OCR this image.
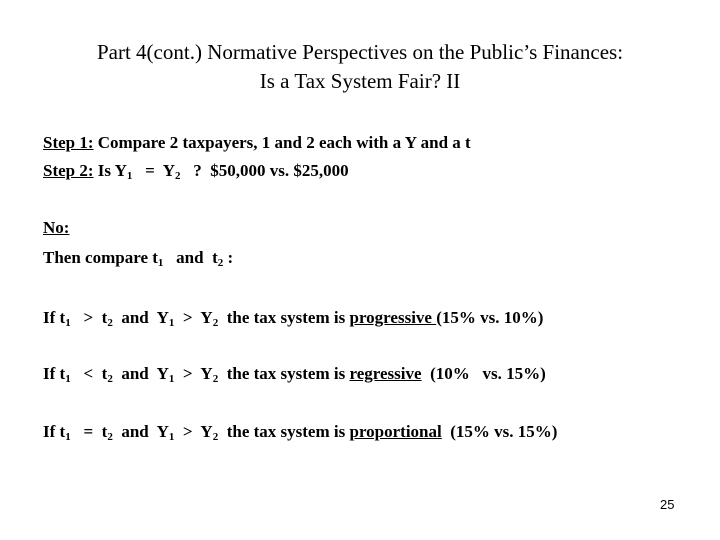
Part 4(cont.) Normative Perspectives on the Public’s Finances:
Is a Tax System Fair? II
Step 1: Compare 2 taxpayers, 1 and 2 each with a Y and a t
Step 2: Is $Y_1 = Y_2$   ?  $50,000 vs. $25,000
No:
Then compare $t_1$   and  $t_2$ :
If $t_1 > t_2$  and  $Y_1 > Y_2$  the tax system is progressive (15% vs. 10%)
If $t_1 < t_2$  and  $Y_1 > Y_2$  the tax system is regressive  (10%   vs. 15%)
If $t_1 = t_2$  and  $Y_1 > Y_2$  the tax system is proportional  (15% vs. 15%)
25
